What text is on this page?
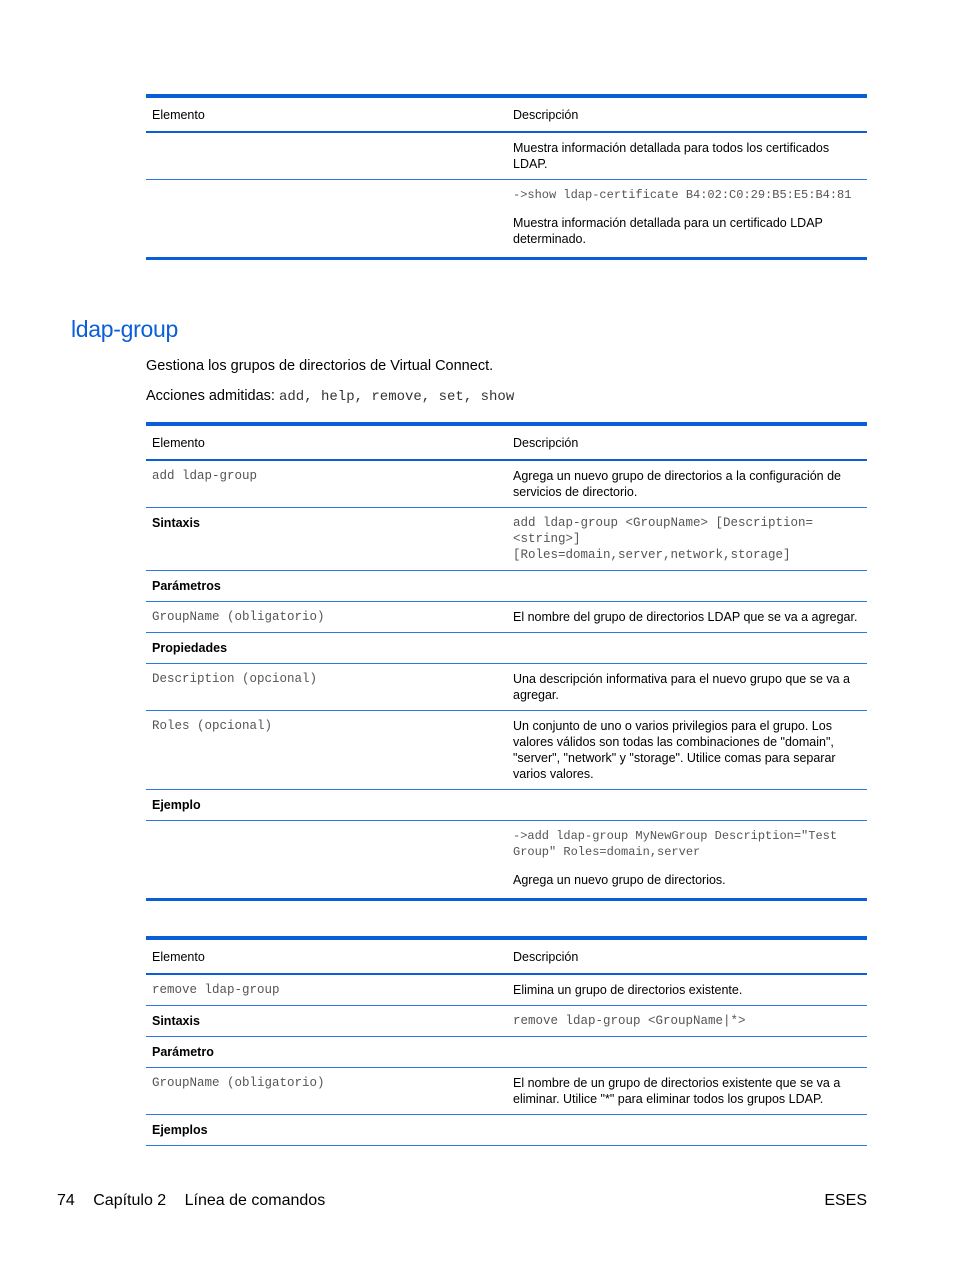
Elemento	Descripción
	Muestra información detallada para todos los certificados LDAP.

	->show ldap-certificate B4:02:C0:29:B5:E5:B4:81
Muestra información detallada para un certificado LDAP determinado.
ldap-group
Gestiona los grupos de directorios de Virtual Connect.
Acciones admitidas: add, help, remove, set, show
Elemento	Descripción
add ldap-group	Agrega un nuevo grupo de directorios a la configuración de servicios de directorio.
Sintaxis	add ldap-group <GroupName> [Description=<string>] [Roles=domain,server,network,storage]
Parámetros	
GroupName (obligatorio)	El nombre del grupo de directorios LDAP que se va a agregar.
Propiedades	
Description (opcional)	Una descripción informativa para el nuevo grupo que se va a agregar.
Roles (opcional)	Un conjunto de uno o varios privilegios para el grupo. Los valores válidos son todas las combinaciones de "domain", "server", "network" y "storage". Utilice comas para separar varios valores.
Ejemplo	

	->add ldap-group MyNewGroup Description="Test Group" Roles=domain,server
Agrega un nuevo grupo de directorios.
Elemento	Descripción
remove ldap-group	Elimina un grupo de directorios existente.
Sintaxis	remove ldap-group <GroupName|*>
Parámetro	
GroupName (obligatorio)	El nombre de un grupo de directorios existente que se va a eliminar. Utilice "*" para eliminar todos los grupos LDAP.
Ejemplos	
74 Capítulo 2 Línea de comandos	ESES
